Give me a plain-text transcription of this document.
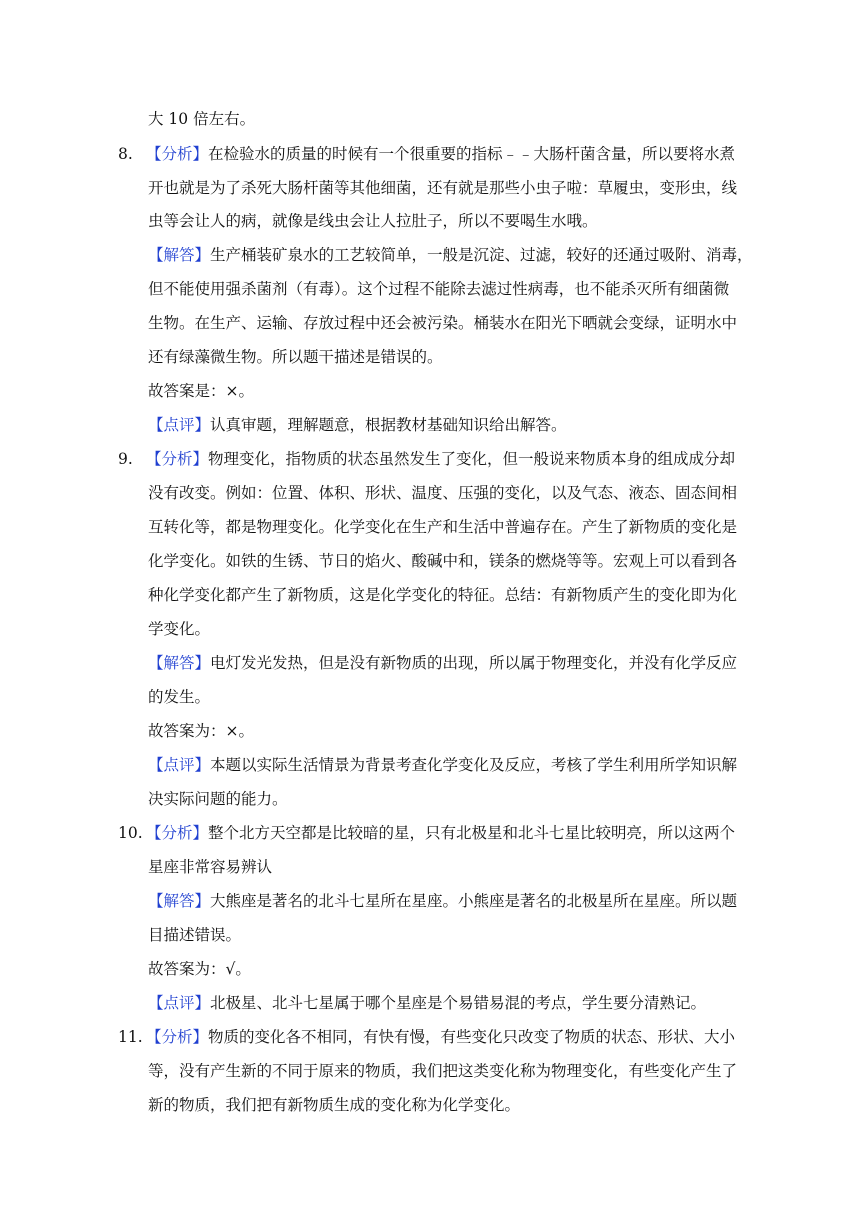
大 10 倍左右。
8. 【分析】在检验水的质量的时候有一个很重要的指标﹣﹣大肠杆菌含量，所以要将水煮
开也就是为了杀死大肠杆菌等其他细菌，还有就是那些小虫子啦：草履虫，变形虫，线
虫等会让人的病，就像是线虫会让人拉肚子，所以不要喝生水哦。
【解答】生产桶装矿泉水的工艺较简单，一般是沉淀、过滤，较好的还通过吸附、消毒，
但不能使用强杀菌剂（有毒）。这个过程不能除去滤过性病毒，也不能杀灭所有细菌微
生物。在生产、运输、存放过程中还会被污染。桶装水在阳光下晒就会变绿，证明水中
还有绿藻微生物。所以题干描述是错误的。
故答案是：×。
【点评】认真审题，理解题意，根据教材基础知识给出解答。
9. 【分析】物理变化，指物质的状态虽然发生了变化，但一般说来物质本身的组成成分却
没有改变。例如：位置、体积、形状、温度、压强的变化，以及气态、液态、固态间相
互转化等，都是物理变化。化学变化在生产和生活中普遍存在。产生了新物质的变化是
化学变化。如铁的生锈、节日的焰火、酸碱中和，镁条的燃烧等等。宏观上可以看到各
种化学变化都产生了新物质，这是化学变化的特征。总结：有新物质产生的变化即为化
学变化。
【解答】电灯发光发热，但是没有新物质的出现，所以属于物理变化，并没有化学反应
的发生。
故答案为：×。
【点评】本题以实际生活情景为背景考查化学变化及反应，考核了学生利用所学知识解
决实际问题的能力。
10. 【分析】整个北方天空都是比较暗的星，只有北极星和北斗七星比较明亮，所以这两个
星座非常容易辨认
【解答】大熊座是著名的北斗七星所在星座。小熊座是著名的北极星所在星座。所以题
目描述错误。
故答案为：√。
【点评】北极星、北斗七星属于哪个星座是个易错易混的考点，学生要分清熟记。
11. 【分析】物质的变化各不相同，有快有慢，有些变化只改变了物质的状态、形状、大小
等，没有产生新的不同于原来的物质，我们把这类变化称为物理变化，有些变化产生了
新的物质，我们把有新物质生成的变化称为化学变化。
